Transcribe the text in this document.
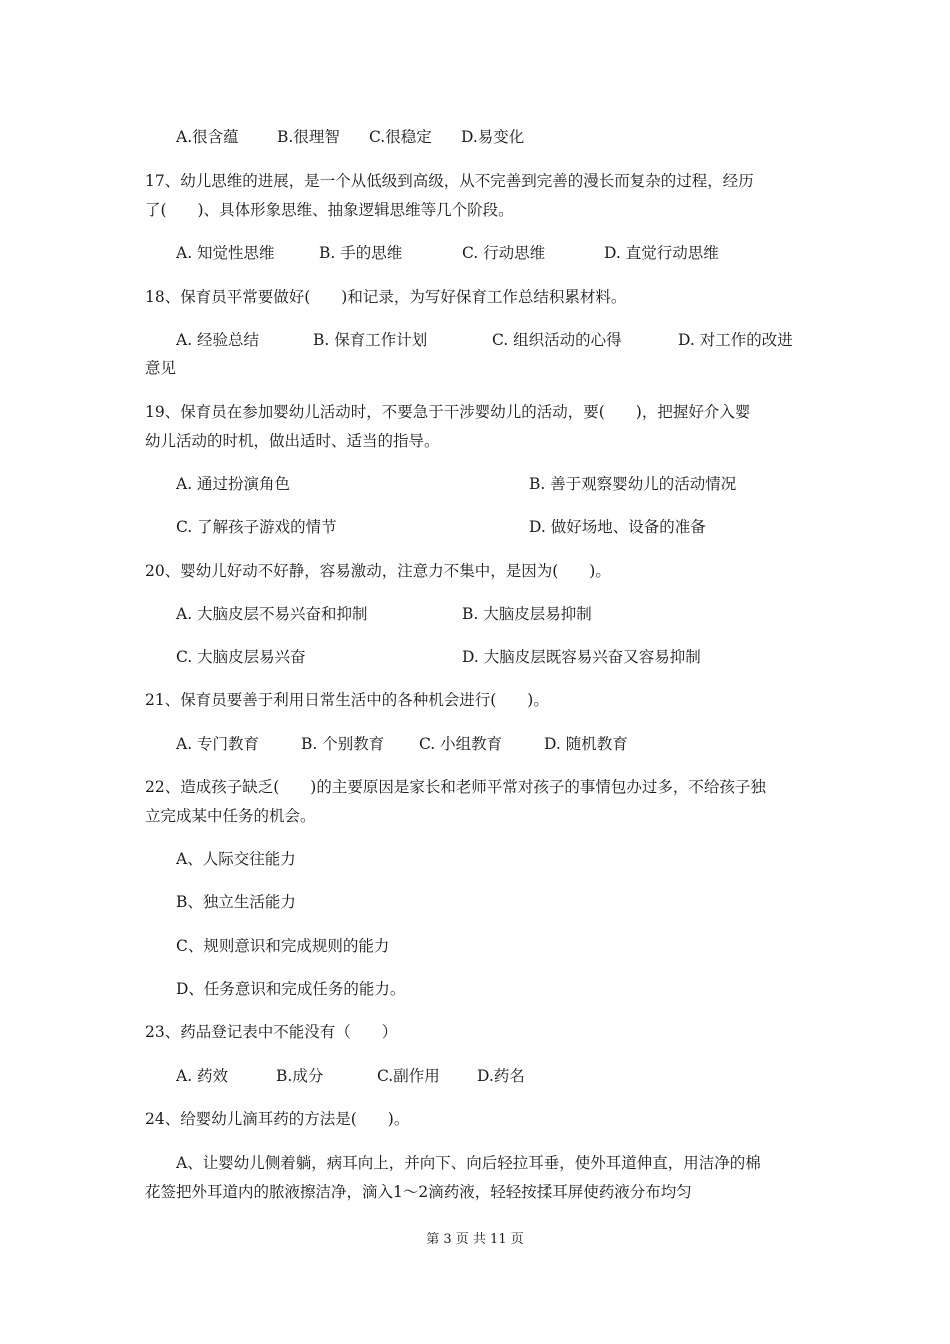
A.很含蕴 B.很理智 C.很稳定 D.易变化
17、幼儿思维的进展，是一个从低级到高级，从不完善到完善的漫长而复杂的过程，经历
了(　　)、具体形象思维、抽象逻辑思维等几个阶段。
A. 知觉性思维	B. 手的思维	C. 行动思维	D. 直觉行动思维
18、保育员平常要做好(　　)和记录，为写好保育工作总结积累材料。
A. 经验总结	B. 保育工作计划	C. 组织活动的心得	D. 对工作的改进
意见
19、保育员在参加婴幼儿活动时，不要急于干涉婴幼儿的活动，要(　　)，把握好介入婴
幼儿活动的时机，做出适时、适当的指导。
A. 通过扮演角色	B. 善于观察婴幼儿的活动情况
C. 了解孩子游戏的情节	D. 做好场地、设备的准备
20、婴幼儿好动不好静，容易激动，注意力不集中，是因为(　　)。
A. 大脑皮层不易兴奋和抑制	B. 大脑皮层易抑制
C. 大脑皮层易兴奋	D. 大脑皮层既容易兴奋又容易抑制
21、保育员要善于利用日常生活中的各种机会进行(　　)。
A. 专门教育	B. 个别教育 C. 小组教育	D. 随机教育
22、造成孩子缺乏(　　)的主要原因是家长和老师平常对孩子的事情包办过多，不给孩子独
立完成某中任务的机会。
A、人际交往能力
B、独立生活能力
C、规则意识和完成规则的能力
D、任务意识和完成任务的能力。
23、药品登记表中不能没有（　　）
A. 药效	B.成分	C.副作用 D.药名
24、给婴幼儿滴耳药的方法是(　　)。
A、让婴幼儿侧着躺，病耳向上，并向下、向后轻拉耳垂，使外耳道伸直，用洁净的棉
花签把外耳道内的脓液擦洁净，滴入1～2滴药液，轻轻按揉耳屏使药液分布均匀
第 3 页 共 11 页
